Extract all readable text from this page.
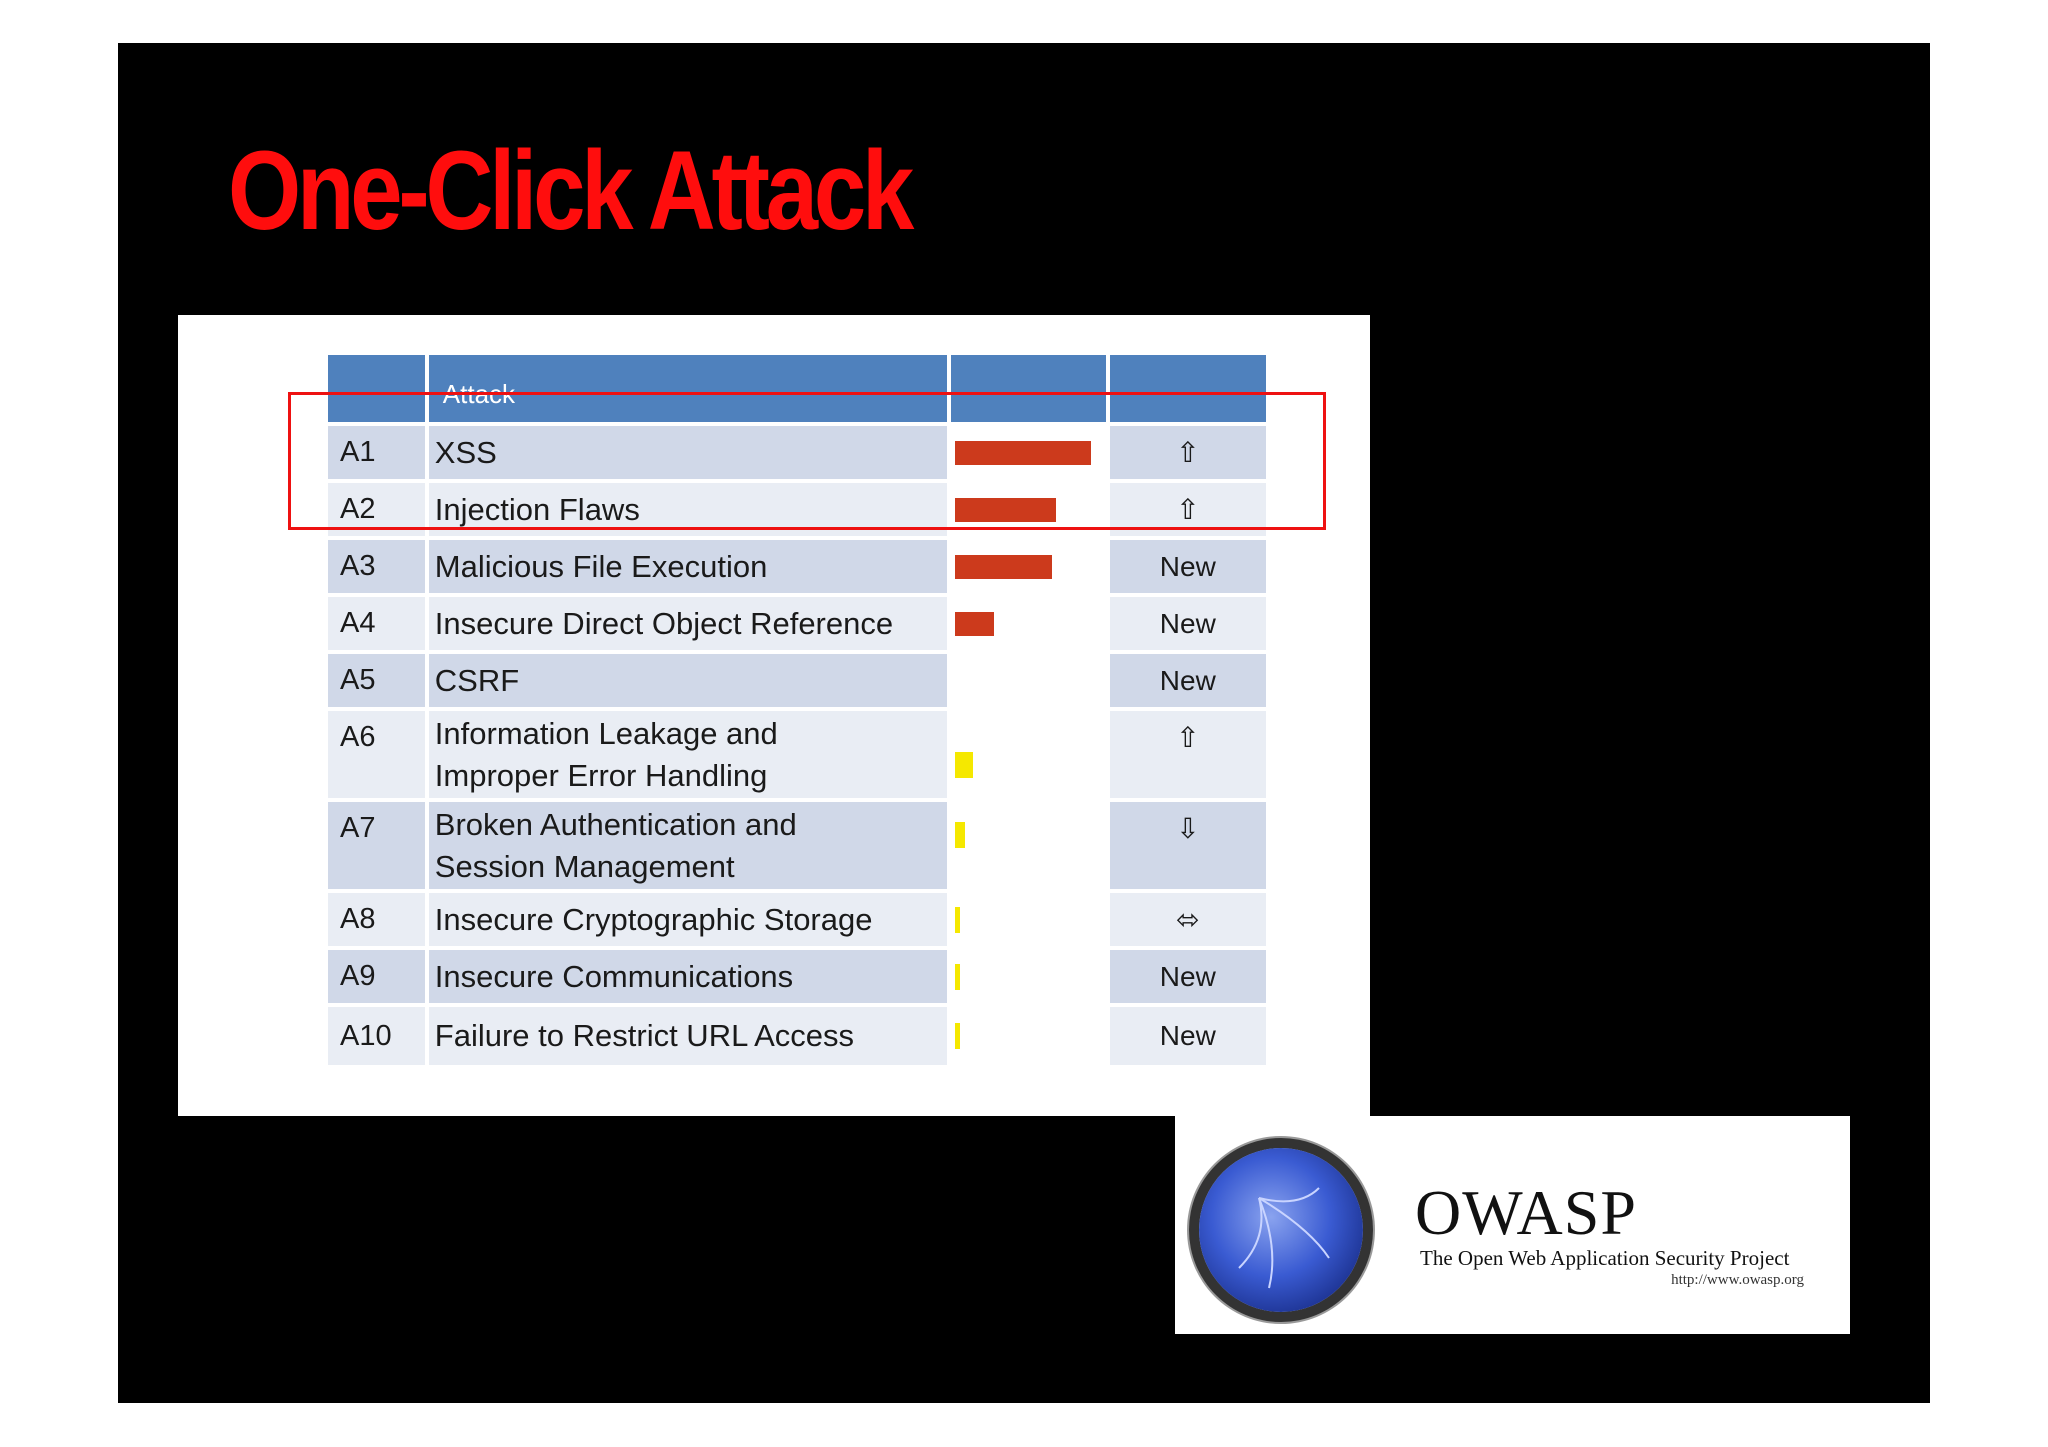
One-Click Attack
	Attack		
A1	XSS		⇧
A2	Injection Flaws		⇧
A3	Malicious File Execution		New
A4	Insecure Direct Object Reference		New
A5	CSRF		New
A6	Information Leakage and
Improper Error Handling		⇧
A7	Broken Authentication and
Session Management		⇩
A8	Insecure Cryptographic Storage		⬄
A9	Insecure Communications		New
A10	Failure to Restrict URL Access		New

OWASP

The Open Web Application Security Project

http://www.owasp.org
